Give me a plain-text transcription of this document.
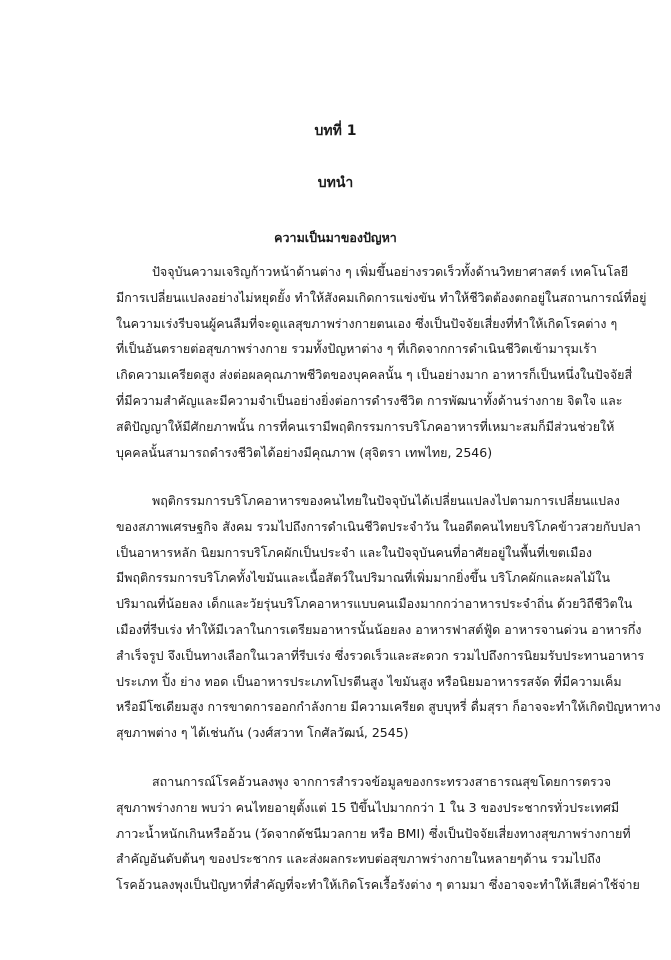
บทที่ 1
บทนำ
ความเป็นมาของปัญหา
ปัจจุบันความเจริญก้าวหน้าด้านต่าง ๆ เพิ่มขึ้นอย่างรวดเร็วทั้งด้านวิทยาศาสตร์ เทคโนโลยี
มีการเปลี่ยนแปลงอย่างไม่หยุดยั้ง ทำให้สังคมเกิดการแข่งขัน ทำให้ชีวิตต้องตกอยู่ในสถานการณ์ที่อยู่
ในความเร่งรีบจนผู้คนลืมที่จะดูแลสุขภาพร่างกายตนเอง ซึ่งเป็นปัจจัยเสี่ยงที่ทำให้เกิดโรคต่าง ๆ
ที่เป็นอันตรายต่อสุขภาพร่างกาย รวมทั้งปัญหาต่าง ๆ ที่เกิดจากการดำเนินชีวิตเข้ามารุมเร้า
เกิดความเครียดสูง ส่งต่อผลคุณภาพชีวิตของบุคคลนั้น ๆ เป็นอย่างมาก อาหารก็เป็นหนึ่งในปัจจัยสี่
ที่มีความสำคัญและมีความจำเป็นอย่างยิ่งต่อการดำรงชีวิต การพัฒนาทั้งด้านร่างกาย จิตใจ และ
สติปัญญาให้มีศักยภาพนั้น การที่คนเรามีพฤติกรรมการบริโภคอาหารที่เหมาะสมก็มีส่วนช่วยให้
บุคคลนั้นสามารถดำรงชีวิตได้อย่างมีคุณภาพ (สุจิตรา เทพไทย, 2546)
พฤติกรรมการบริโภคอาหารของคนไทยในปัจจุบันได้เปลี่ยนแปลงไปตามการเปลี่ยนแปลง
ของสภาพเศรษฐกิจ สังคม รวมไปถึงการดำเนินชีวิตประจำวัน ในอดีตคนไทยบริโภคข้าวสวยกับปลา
เป็นอาหารหลัก นิยมการบริโภคผักเป็นประจำ และในปัจจุบันคนที่อาศัยอยู่ในพื้นที่เขตเมือง
มีพฤติกรรมการบริโภคทั้งไขมันและเนื้อสัตว์ในปริมาณที่เพิ่มมากยิ่งขึ้น บริโภคผักและผลไม้ใน
ปริมาณที่น้อยลง เด็กและวัยรุ่นบริโภคอาหารแบบคนเมืองมากกว่าอาหารประจำถิ่น ด้วยวิถีชีวิตใน
เมืองที่รีบเร่ง ทำให้มีเวลาในการเตรียมอาหารนั้นน้อยลง อาหารฟาสต์ฟู้ด อาหารจานด่วน อาหารกึ่ง
สำเร็จรูป จึงเป็นทางเลือกในเวลาที่รีบเร่ง ซึ่งรวดเร็วและสะดวก รวมไปถึงการนิยมรับประทานอาหาร
ประเภท ปิ้ง ย่าง ทอด เป็นอาหารประเภทโปรตีนสูง ไขมันสูง หรือนิยมอาหารรสจัด ที่มีความเค็ม
หรือมีโซเดียมสูง การขาดการออกกำลังกาย มีความเครียด สูบบุหรี่ ดื่มสุรา ก็อาจจะทำให้เกิดปัญหาทาง
สุขภาพต่าง ๆ ได้เช่นกัน (วงศ์สวาท โกศัลวัฒน์, 2545)
สถานการณ์โรคอ้วนลงพุง จากการสำรวจข้อมูลของกระทรวงสาธารณสุขโดยการตรวจ
สุขภาพร่างกาย พบว่า คนไทยอายุตั้งแต่ 15 ปีขึ้นไปมากกว่า 1 ใน 3 ของประชากรทั่วประเทศมี
ภาวะน้ำหนักเกินหรืออ้วน (วัดจากดัชนีมวลกาย หรือ BMI) ซึ่งเป็นปัจจัยเสี่ยงทางสุขภาพร่างกายที่
สำคัญอันดับต้นๆ ของประชากร และส่งผลกระทบต่อสุขภาพร่างกายในหลายๆด้าน รวมไปถึง
โรคอ้วนลงพุงเป็นปัญหาที่สำคัญที่จะทำให้เกิดโรคเรื้อรังต่าง ๆ ตามมา ซึ่งอาจจะทำให้เสียค่าใช้จ่าย
